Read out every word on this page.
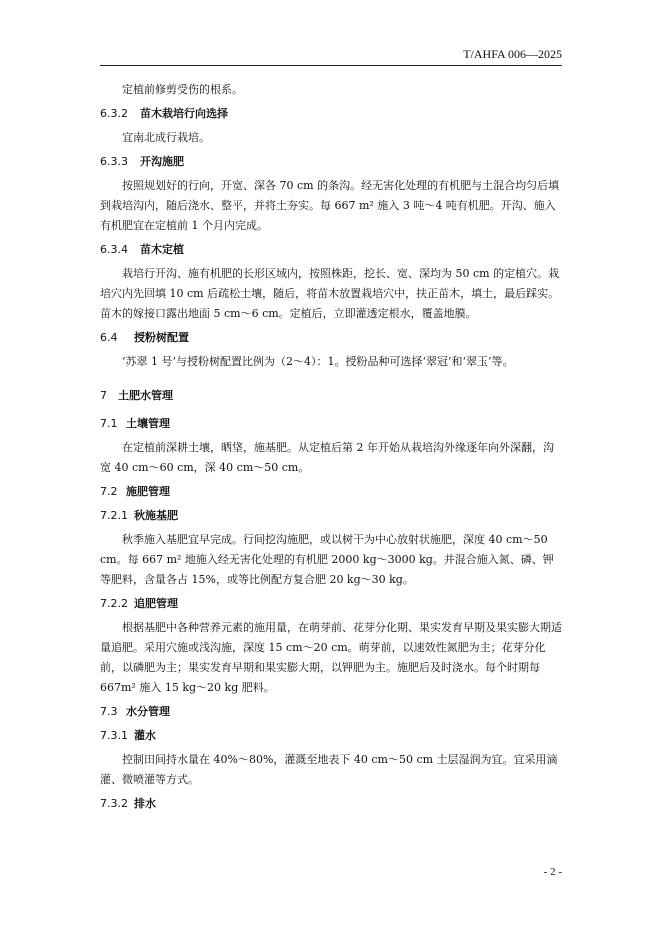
T/AHFA 006—2025

定植前修剪受伤的根系。

6.3.2 苗木栽培行向选择

宜南北成行栽培。

6.3.3 开沟施肥

按照规划好的行向，开宽、深各 70 cm 的条沟。经无害化处理的有机肥与土混合均匀后填到栽培沟内，随后浇水、整平，并将土夯实。每 667 m² 施入 3 吨～4 吨有机肥。开沟、施入有机肥宜在定植前 1 个月内完成。

6.3.4 苗木定植

栽培行开沟、施有机肥的长形区域内，按照株距，挖长、宽、深均为 50 cm 的定植穴。栽培穴内先回填 10 cm 后疏松土壤，随后，将苗木放置栽培穴中，扶正苗木，填土，最后踩实。苗木的嫁接口露出地面 5 cm～6 cm。定植后，立即灌透定根水，覆盖地膜。

6.4 授粉树配置

‘苏翠 1 号’与授粉树配置比例为（2～4）：1。授粉品种可选择‘翠冠’和‘翠玉’等。

7 土肥水管理
7.1 土壤管理

在定植前深耕土壤，晒垡，施基肥。从定植后第 2 年开始从栽培沟外缘逐年向外深翻，沟宽 40 cm～60 cm，深 40 cm～50 cm。

7.2 施肥管理
7.2.1 秋施基肥

秋季施入基肥宜早完成。行间挖沟施肥，或以树干为中心放射状施肥，深度 40 cm～50 cm。每 667 m² 地施入经无害化处理的有机肥 2000 kg～3000 kg。并混合施入氮、磷、钾等肥料，含量各占 15%，或等比例配方复合肥 20 kg～30 kg。

7.2.2 追肥管理

根据基肥中各种营养元素的施用量，在萌芽前、花芽分化期、果实发育早期及果实膨大期适量追肥。采用穴施或浅沟施，深度 15 cm～20 cm。萌芽前，以速效性氮肥为主；花芽分化前，以磷肥为主；果实发育早期和果实膨大期，以钾肥为主。施肥后及时浇水。每个时期每 667m² 施入 15 kg～20 kg 肥料。

7.3 水分管理
7.3.1 灌水

控制田间持水量在 40%～80%，灌溉至地表下 40 cm～50 cm 土层湿润为宜。宜采用滴灌、微喷灌等方式。

7.3.2 排水
- 2 -
